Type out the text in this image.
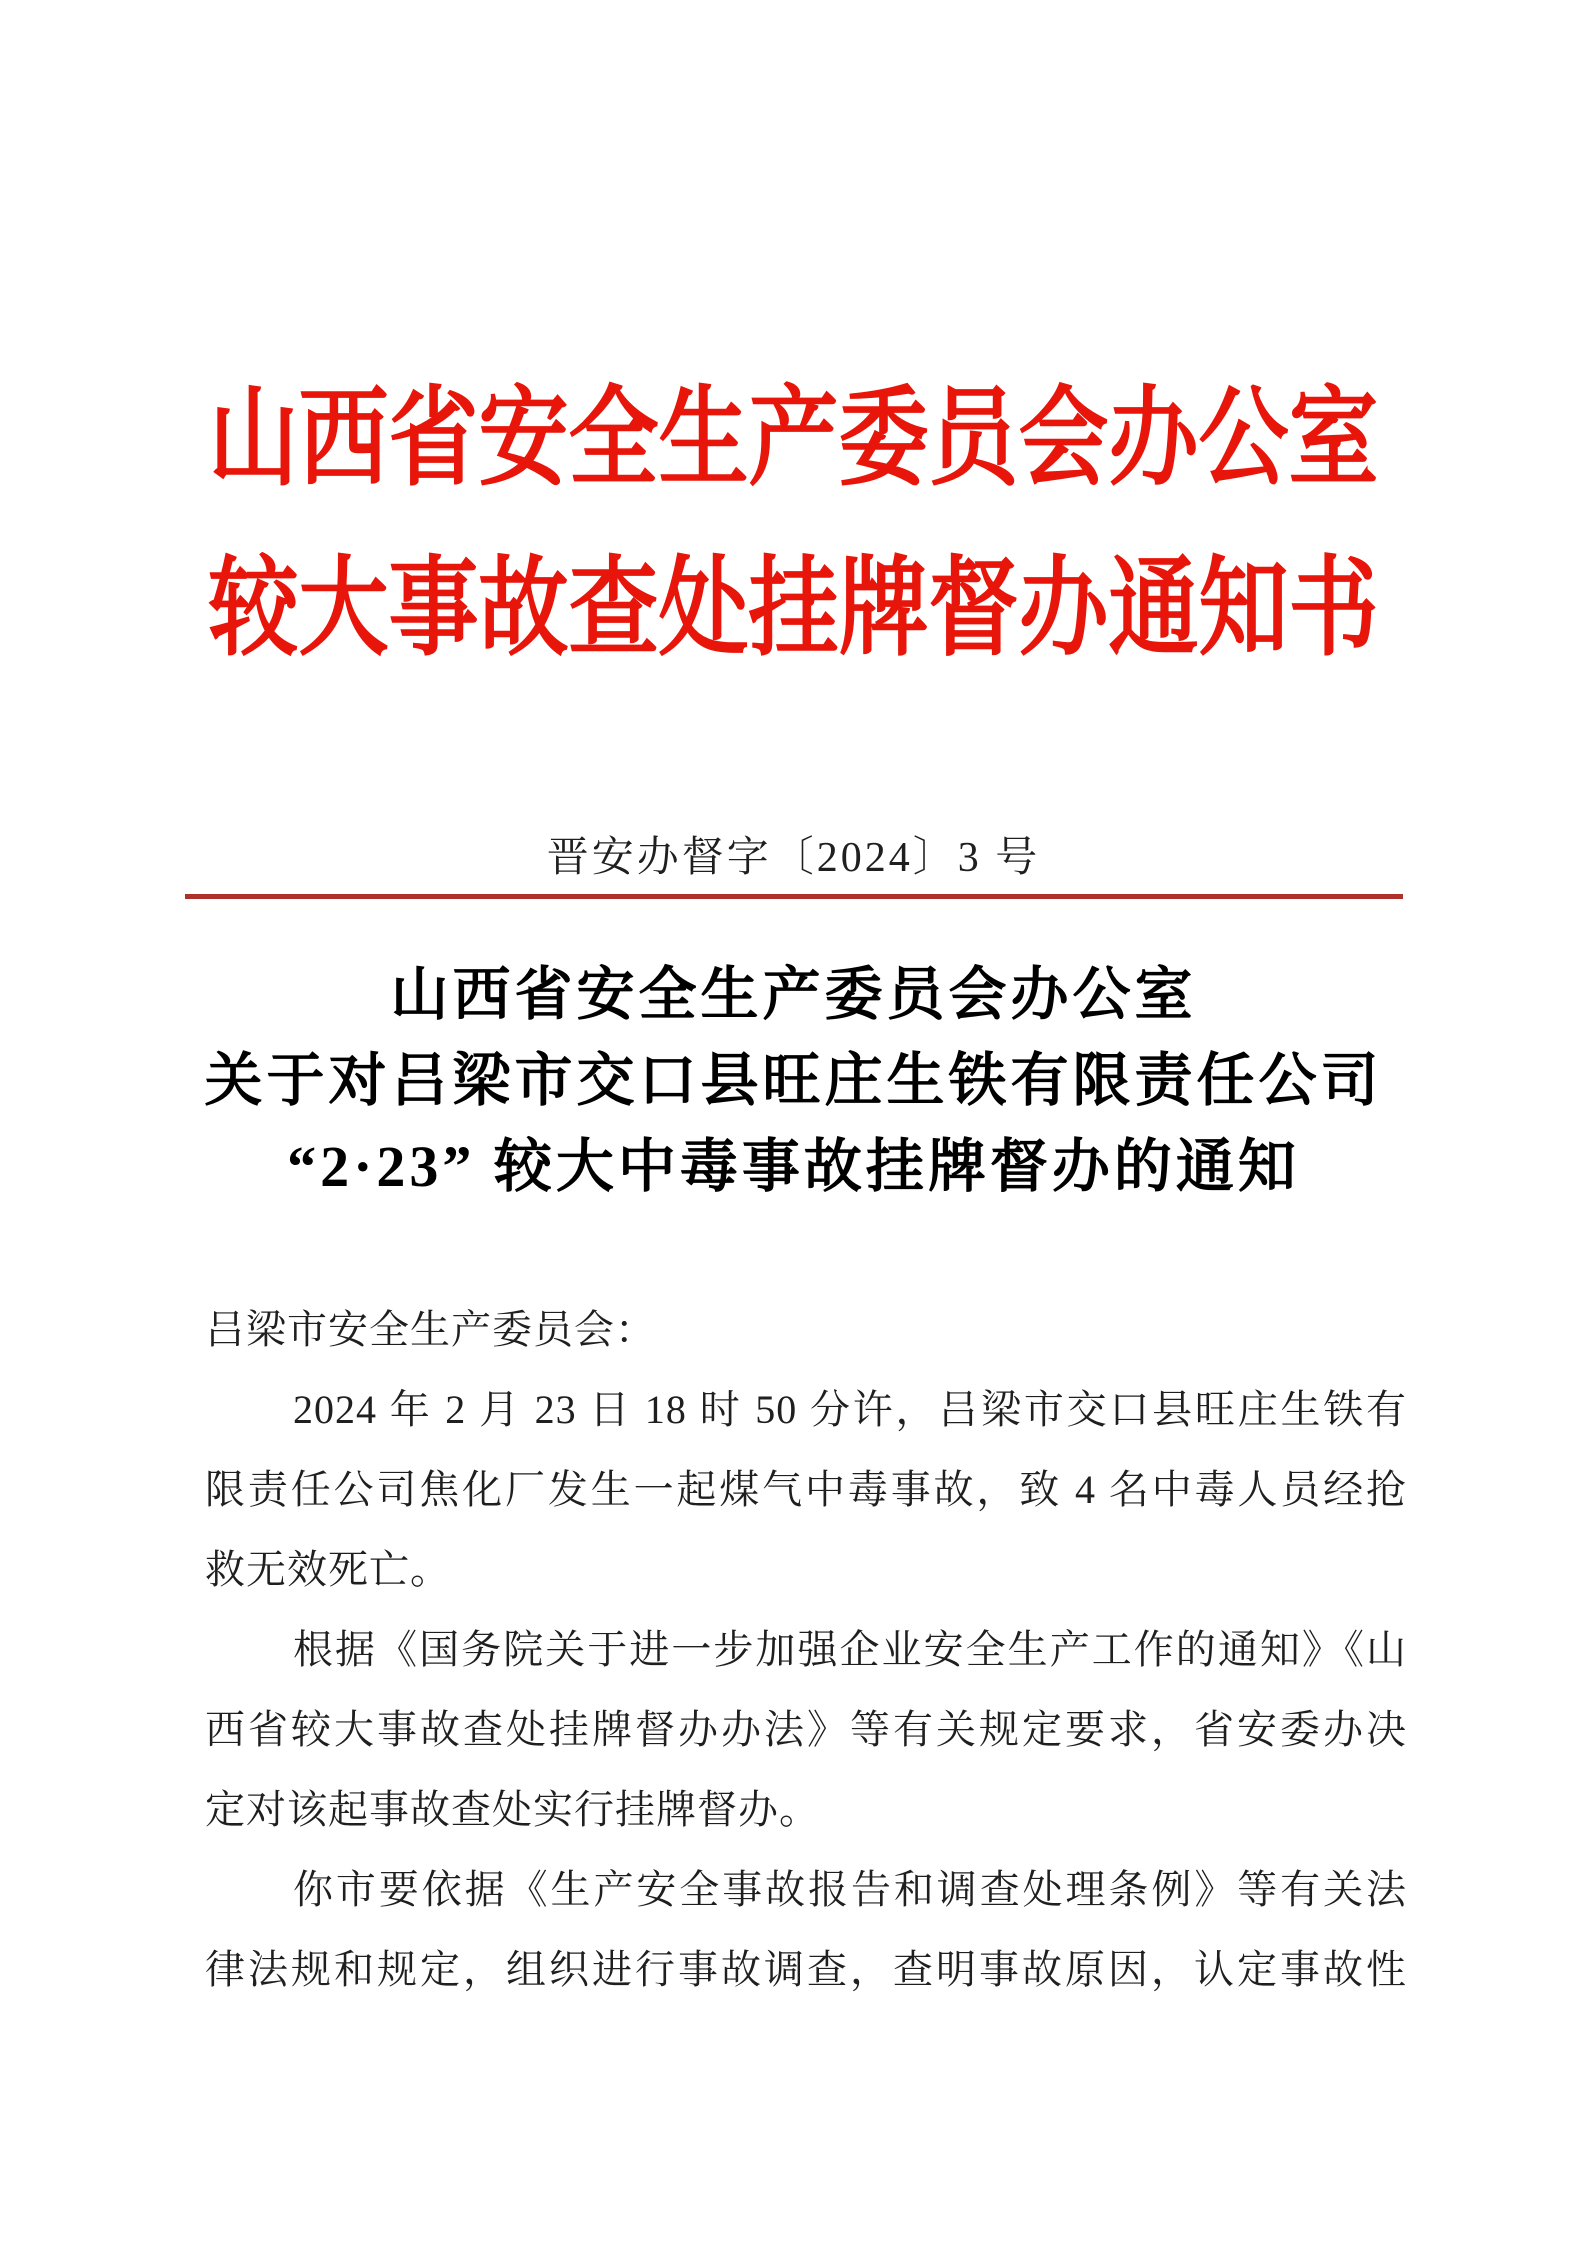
山西省安全生产委员会办公室
较大事故查处挂牌督办通知书
晋安办督字〔2024〕3 号
山西省安全生产委员会办公室
关于对吕梁市交口县旺庄生铁有限责任公司
“2·23” 较大中毒事故挂牌督办的通知
吕梁市安全生产委员会：
2024 年 2 月 23 日 18 时 50 分许，吕梁市交口县旺庄生铁有
限责任公司焦化厂发生一起煤气中毒事故，致 4 名中毒人员经抢
救无效死亡。
根据《国务院关于进一步加强企业安全生产工作的通知》《山
西省较大事故查处挂牌督办办法》等有关规定要求，省安委办决
定对该起事故查处实行挂牌督办。
你市要依据《生产安全事故报告和调查处理条例》等有关法
律法规和规定，组织进行事故调查，查明事故原因，认定事故性
